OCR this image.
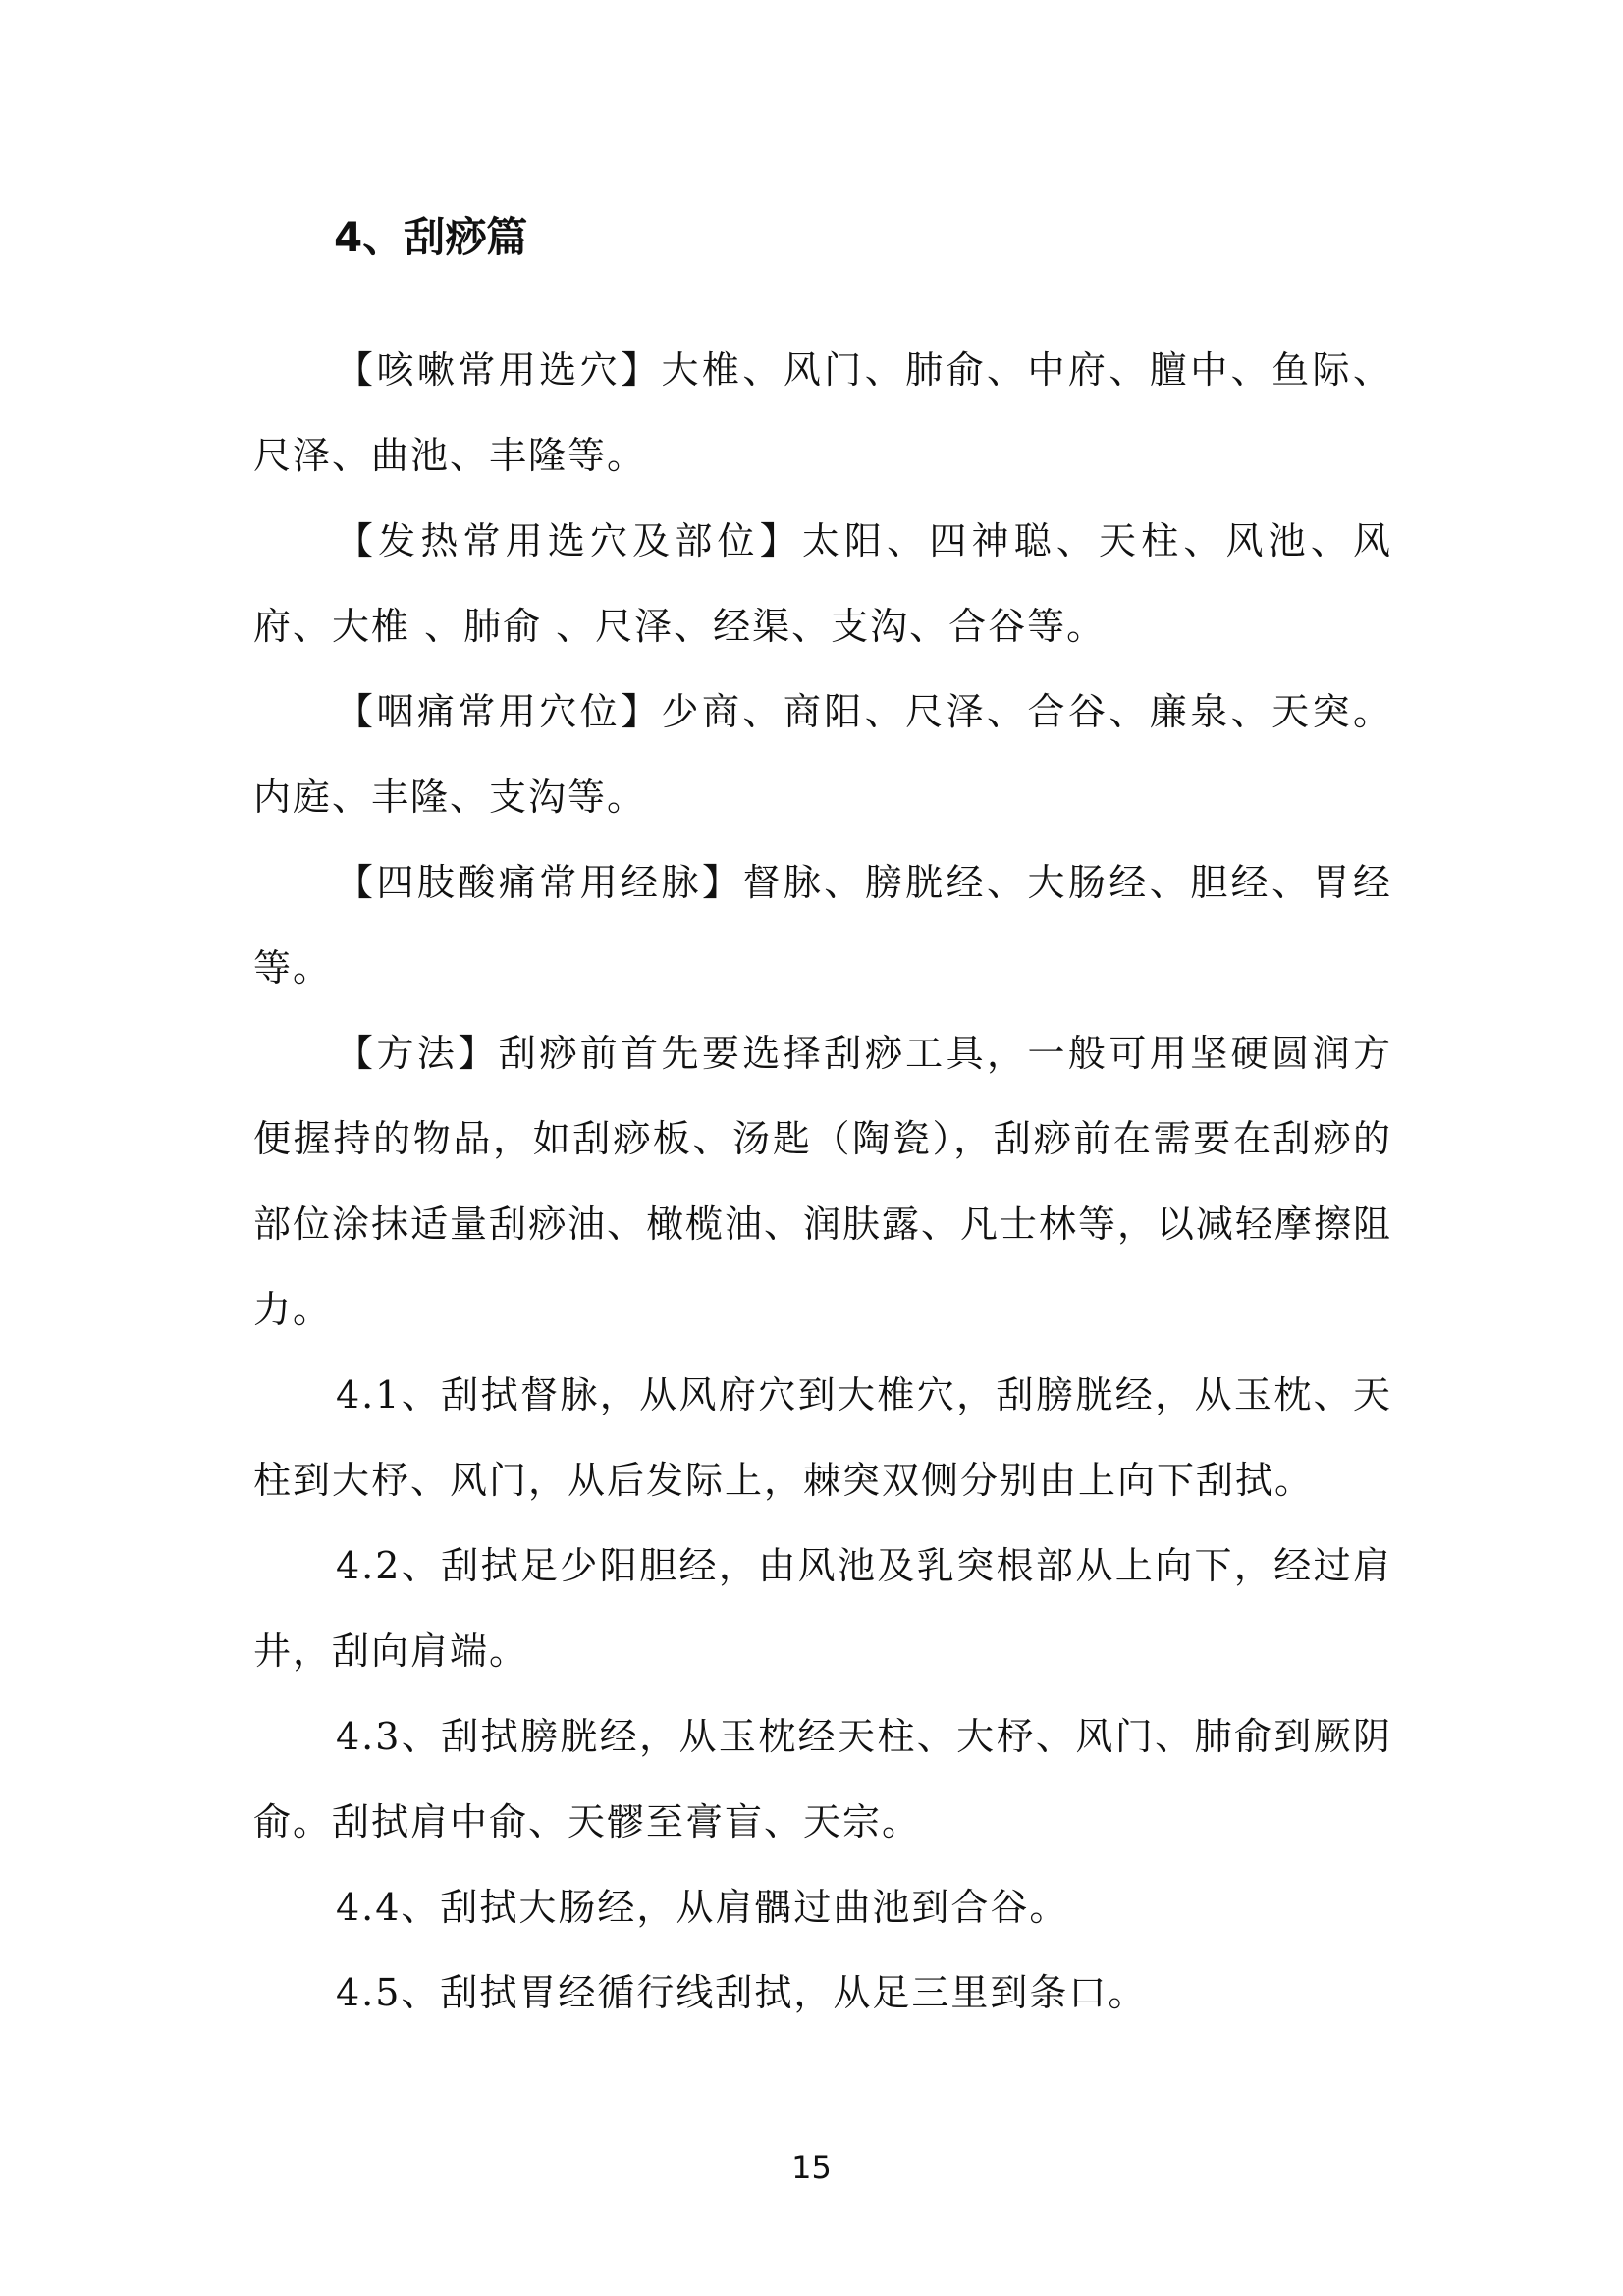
4、刮痧篇

【咳嗽常用选穴】大椎、风门、肺俞、中府、膻中、鱼际、尺泽、曲池、丰隆等。

【发热常用选穴及部位】太阳、四神聪、天柱、风池、风府、大椎 、肺俞 、尺泽、经渠、支沟、合谷等。

【咽痛常用穴位】少商、商阳、尺泽、合谷、廉泉、天突。内庭、丰隆、支沟等。

【四肢酸痛常用经脉】督脉、膀胱经、大肠经、胆经、胃经等。

【方法】刮痧前首先要选择刮痧工具，一般可用坚硬圆润方便握持的物品，如刮痧板、汤匙（陶瓷），刮痧前在需要在刮痧的部位涂抹适量刮痧油、橄榄油、润肤露、凡士林等，以减轻摩擦阻力。

4.1、刮拭督脉，从风府穴到大椎穴，刮膀胱经，从玉枕、天柱到大杼、风门，从后发际上，棘突双侧分别由上向下刮拭。

4.2、刮拭足少阳胆经，由风池及乳突根部从上向下，经过肩井，刮向肩端。

4.3、刮拭膀胱经，从玉枕经天柱、大杼、风门、肺俞到厥阴俞。刮拭肩中俞、天髎至膏盲、天宗。

4.4、刮拭大肠经，从肩髃过曲池到合谷。

4.5、刮拭胃经循行线刮拭，从足三里到条口。

15
